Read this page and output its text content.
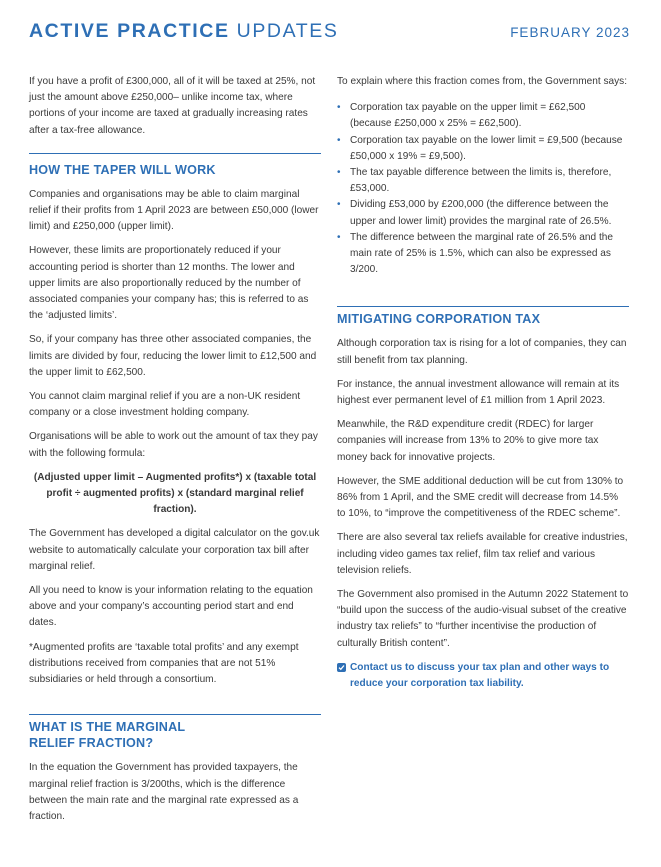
ACTIVE PRACTICE UPDATES	FEBRUARY 2023

If you have a profit of £300,000, all of it will be taxed at 25%, not just the amount above £250,000– unlike income tax, where portions of your income are taxed at gradually increasing rates after a tax-free allowance.

HOW THE TAPER WILL WORK

Companies and organisations may be able to claim marginal relief if their profits from 1 April 2023 are between £50,000 (lower limit) and £250,000 (upper limit).

However, these limits are proportionately reduced if your accounting period is shorter than 12 months. The lower and upper limits are also proportionally reduced by the number of associated companies your company has; this is referred to as the ‘adjusted limits’.

So, if your company has three other associated companies, the limits are divided by four, reducing the lower limit to £12,500 and the upper limit to £62,500.

You cannot claim marginal relief if you are a non-UK resident company or a close investment holding company.

Organisations will be able to work out the amount of tax they pay with the following formula:

(Adjusted upper limit – Augmented profits*) x (taxable total profit ÷ augmented profits) x (standard marginal relief fraction).

The Government has developed a digital calculator on the gov.uk website to automatically calculate your corporation tax bill after marginal relief.

All you need to know is your information relating to the equation above and your company’s accounting period start and end dates.

*Augmented profits are ‘taxable total profits’ and any exempt distributions received from companies that are not 51% subsidiaries or held through a consortium.

WHAT IS THE MARGINAL
RELIEF FRACTION?

In the equation the Government has provided taxpayers, the marginal relief fraction is 3/200ths, which is the difference between the main rate and the marginal rate expressed as a fraction.

To explain where this fraction comes from, the Government says:

• Corporation tax payable on the upper limit = £62,500 (because £250,000 x 25% = £62,500).
• Corporation tax payable on the lower limit = £9,500 (because £50,000 x 19% = £9,500).
• The tax payable difference between the limits is, therefore, £53,000.
• Dividing £53,000 by £200,000 (the difference between the upper and lower limit) provides the marginal rate of 26.5%.
• The difference between the marginal rate of 26.5% and the main rate of 25% is 1.5%, which can also be expressed as 3/200.
MITIGATING CORPORATION TAX

Although corporation tax is rising for a lot of companies, they can still benefit from tax planning.

For instance, the annual investment allowance will remain at its highest ever permanent level of £1 million from 1 April 2023.

Meanwhile, the R&D expenditure credit (RDEC) for larger companies will increase from 13% to 20% to give more tax money back for innovative projects.

However, the SME additional deduction will be cut from 130% to 86% from 1 April, and the SME credit will decrease from 14.5% to 10%, to “improve the competitiveness of the RDEC scheme”.

There are also several tax reliefs available for creative industries, including video games tax relief, film tax relief and various television reliefs.

The Government also promised in the Autumn 2022 Statement to “build upon the success of the audio-visual subset of the creative industry tax reliefs” to “further incentivise the production of culturally British content”.

Contact us to discuss your tax plan and other ways to reduce your corporation tax liability.
